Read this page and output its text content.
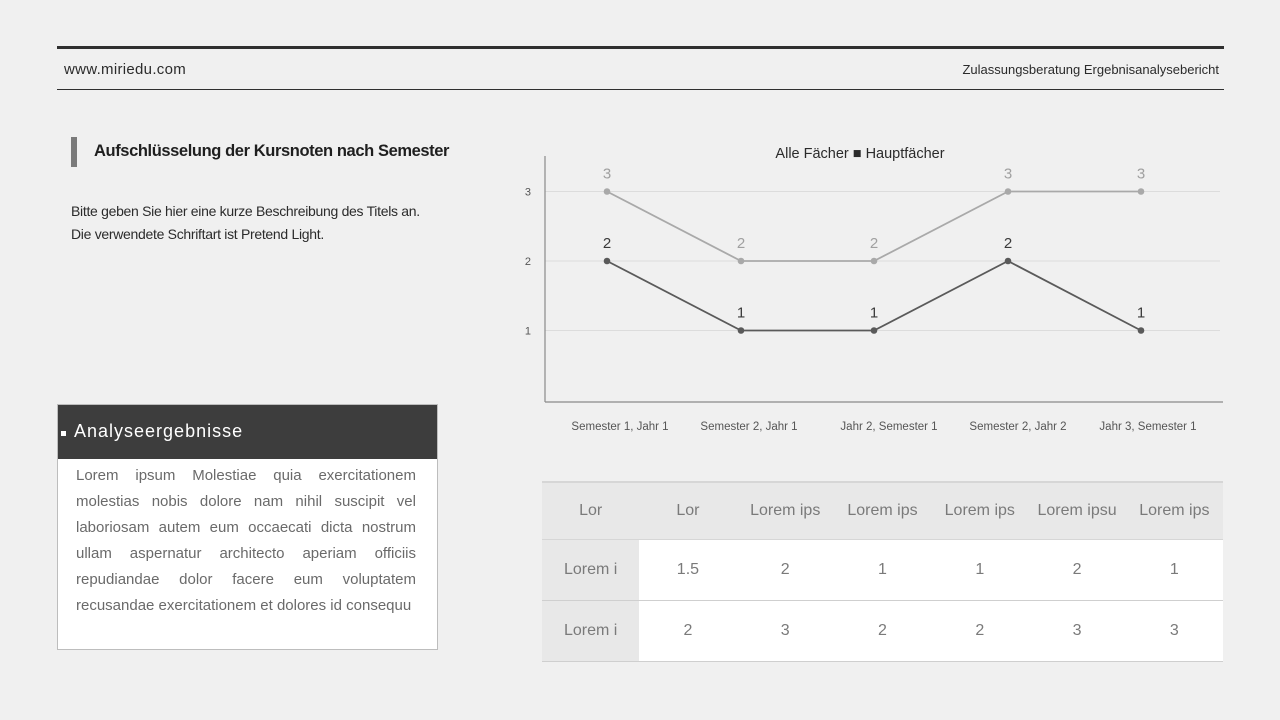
www.miriedu.com	Zulassungsberatung Ergebnisanalysebericht
Aufschlüsselung der Kursnoten nach Semester
Bitte geben Sie hier eine kurze Beschreibung des Titels an.
Die verwendete Schriftart ist Pretend Light.
Analyseergebnisse
Lorem ipsum Molestiae quia exercitationem molestias nobis dolore nam nihil suscipit vel laboriosam autem eum occaecati dicta nostrum ullam aspernatur architecto aperiam officiis repudiandae dolor facere eum voluptatem recusandae exercitationem et dolores id consequu
Alle Fächer ■ Hauptfächer
1
2
3
Semester 1, Jahr 1	Semester 2, Jahr 1	Jahr 2, Semester 1	Semester 2, Jahr 2	Jahr 3, Semester 1
3
2	2
3	3
2
1	1
2
1
Lor	Lor	Lorem ips	Lorem ips	Lorem ips	Lorem ipsu	Lorem ips
Lorem i	1.5	2	1	1	2	1
Lorem i	2	3	2	2	3	3
